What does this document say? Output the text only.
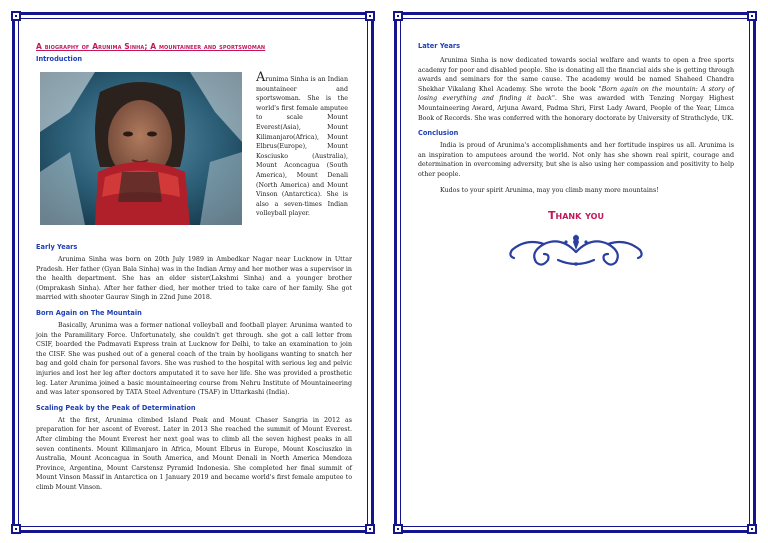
A biography of Arunima Sinha; A mountaineer and sportswoman
Introduction
Arunima Sinha is an Indian mountaineer and sportswoman. She is the world's first female amputee to scale Mount Everest(Asia), Mount Kilimanjaro(Africa), Mount Elbrus(Europe), Mount Kosciusko (Australia), Mount Aconcagua (South America), Mount Denali (North America) and Mount Vinson (Antarctica). She is also a seven-times Indian volleyball player.
Early Years

Arunima Sinha was born on 20th July 1989 in Ambedkar Nagar near Lucknow in Uttar Pradesh. Her father (Gyan Bala Sinha) was in the Indian Army and her mother was a supervisor in the health department. She has an elder sister(Lakshmi Sinha) and a younger brother (Omprakash Sinha). After her father died, her mother tried to take care of her family. She got married with shooter Gaurav Singh in 22nd June 2018.

Born Again on The Mountain

Basically, Arunima was a former national volleyball and football player. Arunima wanted to join the Paramilitary Force. Unfortunately, she couldn't get through. she got a call letter from CSIF, boarded the Padmavati Express train at Lucknow for Delhi, to take an examination to join the CISF. She was pushed out of a general coach of the train by hooligans wanting to snatch her bag and gold chain for personal favors. She was rushed to the hospital with serious leg and pelvic injuries and lost her leg after doctors amputated it to save her life. She was provided a prosthetic leg. Later Arunima joined a basic mountaineering course from Nehru Institute of Mountaineering and was later sponsored by TATA Steel Adventure (TSAF) in Uttarkashi (India).

Scaling Peak by the Peak of Determination

At the first, Arunima climbed Island Peak and Mount Chaser Sangria in 2012 as preparation for her ascent of Everest. Later in 2013 She reached the summit of Mount Everest. After climbing the Mount Everest her next goal was to climb all the seven highest peaks in all seven continents. Mount Kilimanjaro in Africa, Mount Elbrus in Europe, Mount Kosciuszko in Australia, Mount Aconcagua in South America, and Mount Denali in North America Mendoza Province, Argentina, Mount Carstensz Pyramid Indonesia. She completed her final summit of Mount Vinson Massif in Antarctica on 1 January 2019 and became world's first female amputee to climb Mount Vinson.

Later Years

Arunima Sinha is now dedicated towards social welfare and wants to open a free sports academy for poor and disabled people. She is donating all the financial aids she is getting through awards and seminars for the same cause. The academy would be named Shaheed Chandra Shekhar Vikalang Khel Academy. She wrote the book "Born again on the mountain: A story of losing everything and finding it back". She was awarded with Tenzing Norgay Highest Mountaineering Award, Arjuna Award, Padma Shri, First Lady Award, People of the Year, Limca Book of Records. She was conferred with the honorary doctorate by University of Strathclyde, UK.

Conclusion

India is proud of Arunima's accomplishments and her fortitude inspires us all. Arunima is an inspiration to amputees around the world. Not only has she shown real spirit, courage and determination in overcoming adversity, but she is also using her compassion and positivity to help other people.

Kudos to your spirit Arunima, may you climb many more mountains!

Thank you
